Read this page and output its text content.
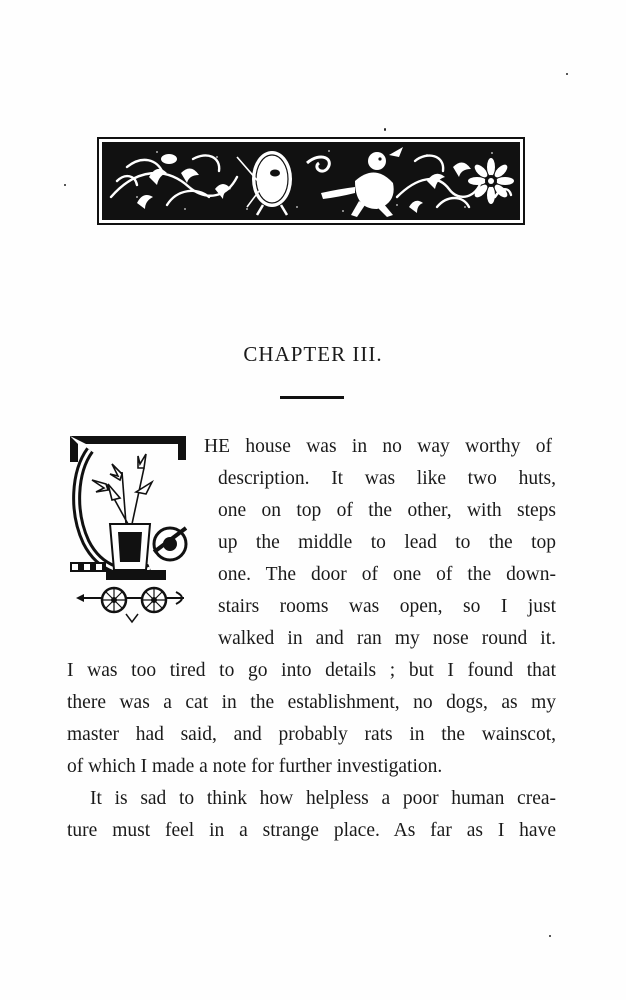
CHAPTER III.
HE house was in no way worthy of
description. It was like two huts,
one on top of the other, with steps
up the middle to lead to the top
one. The door of one of the down-
stairs rooms was open, so I just
walked in and ran my nose round it.
I was too tired to go into details ; but I found that
there was a cat in the establishment, no dogs, as my
master had said, and probably rats in the wainscot,
of which I made a note for further investigation.
It is sad to think how helpless a poor human crea-
ture must feel in a strange place. As far as I have
